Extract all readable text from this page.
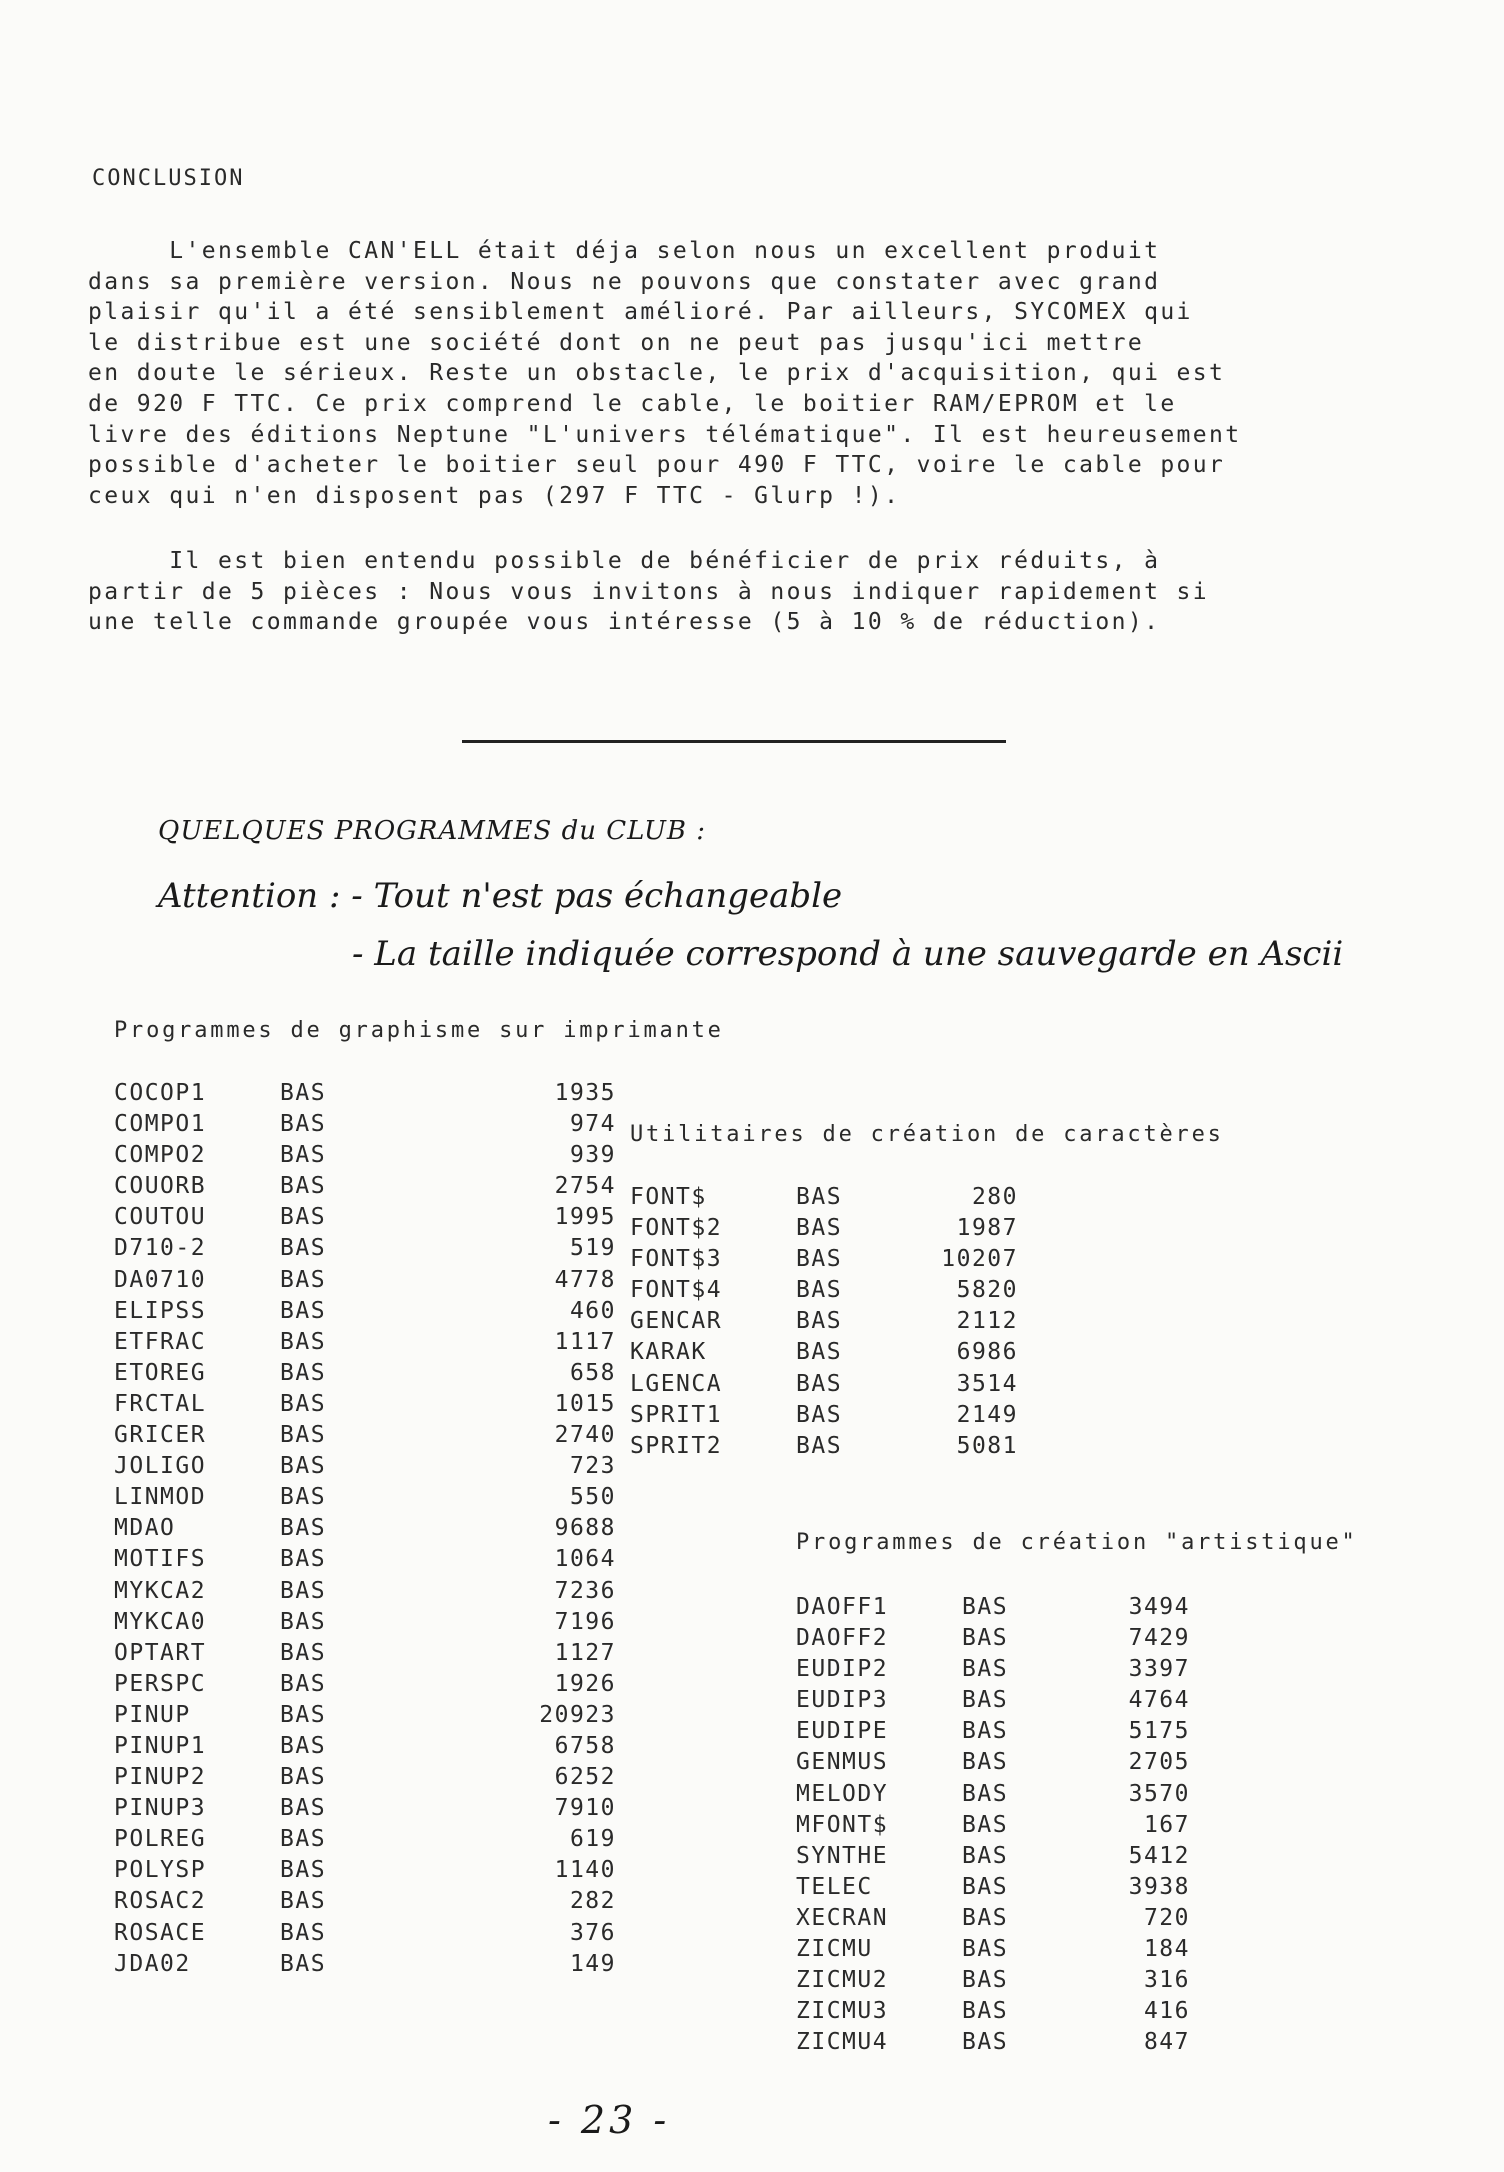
CONCLUSION
L'ensemble CAN'ELL était déja selon nous un excellent produit
dans sa première version. Nous ne pouvons que constater avec grand
plaisir qu'il a été sensiblement amélioré. Par ailleurs, SYCOMEX qui
le distribue est une société dont on ne peut pas jusqu'ici mettre
en doute le sérieux. Reste un obstacle, le prix d'acquisition, qui est
de 920 F TTC. Ce prix comprend le cable, le boitier RAM/EPROM et le
livre des éditions Neptune "L'univers télématique". Il est heureusement
possible d'acheter le boitier seul pour 490 F TTC, voire le cable pour
ceux qui n'en disposent pas (297 F TTC - Glurp !).
Il est bien entendu possible de bénéficier de prix réduits, à
partir de 5 pièces : Nous vous invitons à nous indiquer rapidement si
une telle commande groupée vous intéresse (5 à 10 % de réduction).
QUELQUES PROGRAMMES du CLUB :
Attention : - Tout n'est pas échangeable
- La taille indiquée correspond à une sauvegarde en Ascii
Programmes de graphisme sur imprimante
COCOP1	BAS	1935
COMPO1	BAS	974
COMPO2	BAS	939
COUORB	BAS	2754
COUTOU	BAS	1995
D710-2	BAS	519
DA0710	BAS	4778
ELIPSS	BAS	460
ETFRAC	BAS	1117
ETOREG	BAS	658
FRCTAL	BAS	1015
GRICER	BAS	2740
JOLIGO	BAS	723
LINMOD	BAS	550
MDAO	BAS	9688
MOTIFS	BAS	1064
MYKCA2	BAS	7236
MYKCA0	BAS	7196
OPTART	BAS	1127
PERSPC	BAS	1926
PINUP	BAS	20923
PINUP1	BAS	6758
PINUP2	BAS	6252
PINUP3	BAS	7910
POLREG	BAS	619
POLYSP	BAS	1140
ROSAC2	BAS	282
ROSACE	BAS	376
JDA02	BAS	149
Utilitaires de création de caractères
FONT$	BAS	280
FONT$2	BAS	1987
FONT$3	BAS	10207
FONT$4	BAS	5820
GENCAR	BAS	2112
KARAK	BAS	6986
LGENCA	BAS	3514
SPRIT1	BAS	2149
SPRIT2	BAS	5081
Programmes de création "artistique"
DAOFF1	BAS	3494
DAOFF2	BAS	7429
EUDIP2	BAS	3397
EUDIP3	BAS	4764
EUDIPE	BAS	5175
GENMUS	BAS	2705
MELODY	BAS	3570
MFONT$	BAS	167
SYNTHE	BAS	5412
TELEC	BAS	3938
XECRAN	BAS	720
ZICMU	BAS	184
ZICMU2	BAS	316
ZICMU3	BAS	416
ZICMU4	BAS	847
- 23 -
